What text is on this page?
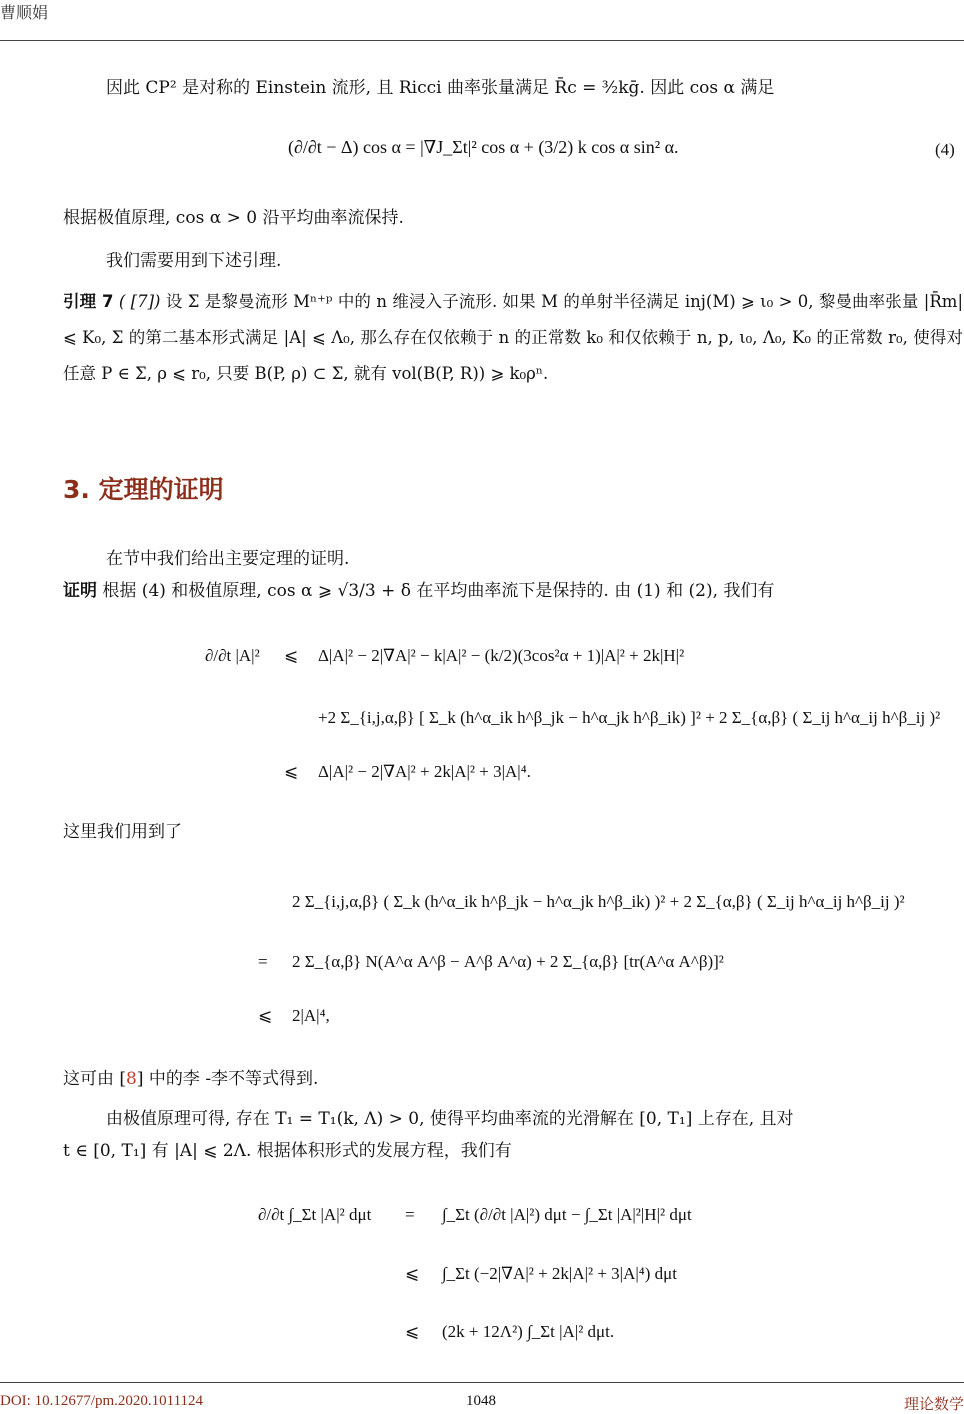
曹顺娟
DOI: 10.12677/pm.2020.1011124	1048	理论数学
因此 CP² 是对称的 Einstein 流形, 且 Ricci 曲率张量满足 R̄c = ³⁄₂kḡ. 因此 cos α 满足
(∂/∂t − Δ) cos α = |∇J_Σt|² cos α + (3/2) k cos α sin² α.	(4)
根据极值原理, cos α > 0 沿平均曲率流保持.
我们需要用到下述引理.
引理 7 ( [7]) 设 Σ 是黎曼流形 Mⁿ⁺ᵖ 中的 n 维浸入子流形. 如果 M 的单射半径满足 inj(M) ⩾ ι₀ > 0, 黎曼曲率张量 |R̄m| ⩽ K₀, Σ 的第二基本形式满足 |A| ⩽ Λ₀, 那么存在仅依赖于 n 的正常数 k₀ 和仅依赖于 n, p, ι₀, Λ₀, K₀ 的正常数 r₀, 使得对任意 P ∈ Σ, ρ ⩽ r₀, 只要 B(P, ρ) ⊂ Σ, 就有 vol(B(P, R)) ⩾ k₀ρⁿ.
3. 定理的证明
在节中我们给出主要定理的证明.
证明 根据 (4) 和极值原理, cos α ⩾ √3/3 + δ 在平均曲率流下是保持的. 由 (1) 和 (2), 我们有
∂/∂t |A|² ⩽ Δ|A|² − 2|∇A|² − k|A|² − (k/2)(3cos²α + 1)|A|² + 2k|H|²
+2 Σ_{i,j,α,β} [ Σ_k (h^α_ik h^β_jk − h^α_jk h^β_ik) ]² + 2 Σ_{α,β} ( Σ_ij h^α_ij h^β_ij )²
⩽ Δ|A|² − 2|∇A|² + 2k|A|² + 3|A|⁴.
这里我们用到了
2 Σ_{i,j,α,β} ( Σ_k (h^α_ik h^β_jk − h^α_jk h^β_ik) )² + 2 Σ_{α,β} ( Σ_ij h^α_ij h^β_ij )²
= 2 Σ_{α,β} N(A^α A^β − A^β A^α) + 2 Σ_{α,β} [tr(A^α A^β)]²
⩽ 2|A|⁴,
这可由 [8] 中的李 -李不等式得到.
由极值原理可得, 存在 T₁ = T₁(k, Λ) > 0, 使得平均曲率流的光滑解在 [0, T₁] 上存在, 且对
t ∈ [0, T₁] 有 |A| ⩽ 2Λ. 根据体积形式的发展方程，我们有
∂/∂t ∫_Σt |A|² dμt = ∫_Σt (∂/∂t |A|²) dμt − ∫_Σt |A|²|H|² dμt
⩽ ∫_Σt (−2|∇A|² + 2k|A|² + 3|A|⁴) dμt
⩽ (2k + 12Λ²) ∫_Σt |A|² dμt.
